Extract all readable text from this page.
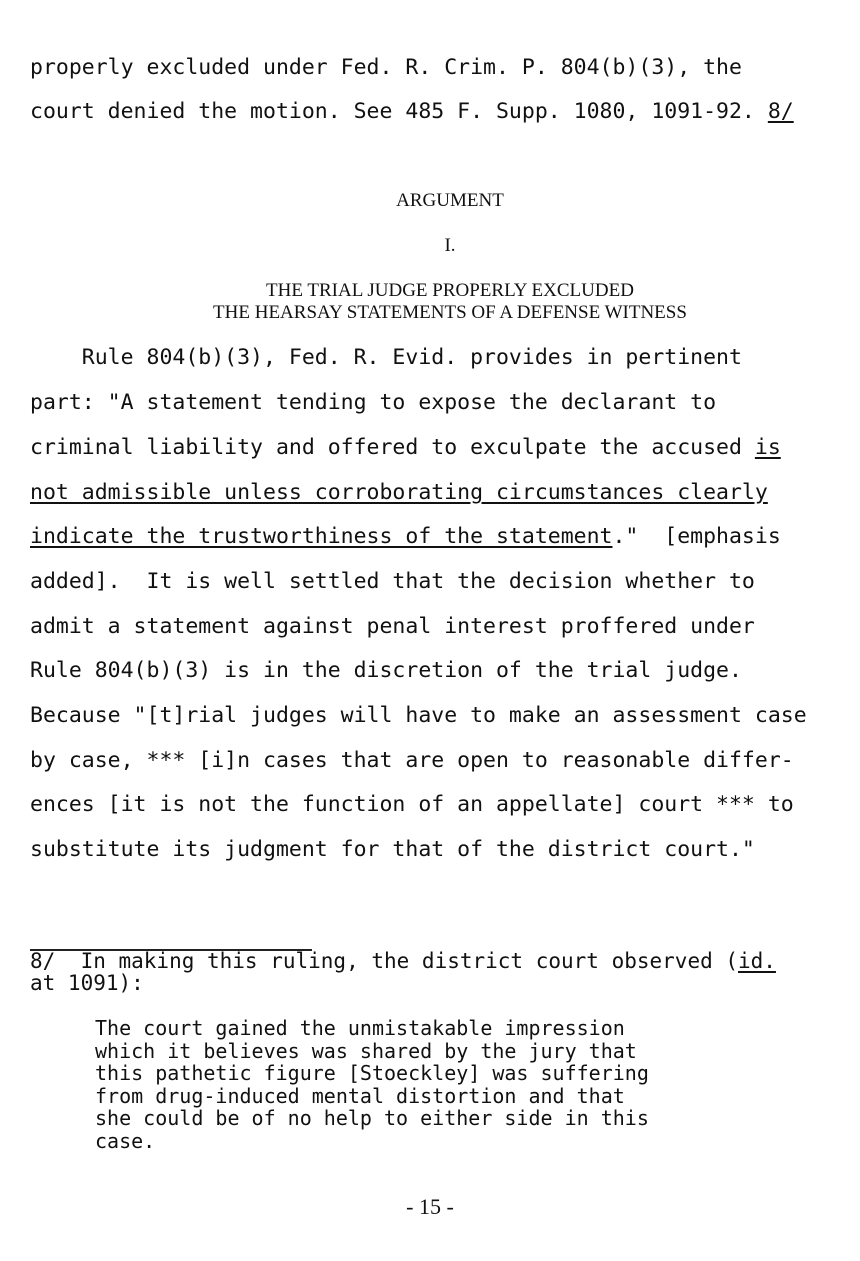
properly excluded under Fed. R. Crim. P. 804(b)(3), the
court denied the motion. See 485 F. Supp. 1080, 1091-92. 8/
ARGUMENT
I.
THE TRIAL JUDGE PROPERLY EXCLUDED
THE HEARSAY STATEMENTS OF A DEFENSE WITNESS
Rule 804(b)(3), Fed. R. Evid. provides in pertinent
part: "A statement tending to expose the declarant to
criminal liability and offered to exculpate the accused is
not admissible unless corroborating circumstances clearly
indicate the trustworthiness of the statement."  [emphasis
added].  It is well settled that the decision whether to
admit a statement against penal interest proffered under
Rule 804(b)(3) is in the discretion of the trial judge.
Because "[t]rial judges will have to make an assessment case
by case, *** [i]n cases that are open to reasonable differ-
ences [it is not the function of an appellate] court *** to
substitute its judgment for that of the district court."
8/  In making this ruling, the district court observed (id.
at 1091):
The court gained the unmistakable impression
which it believes was shared by the jury that
this pathetic figure [Stoeckley] was suffering
from drug-induced mental distortion and that
she could be of no help to either side in this
case.
- 15 -
